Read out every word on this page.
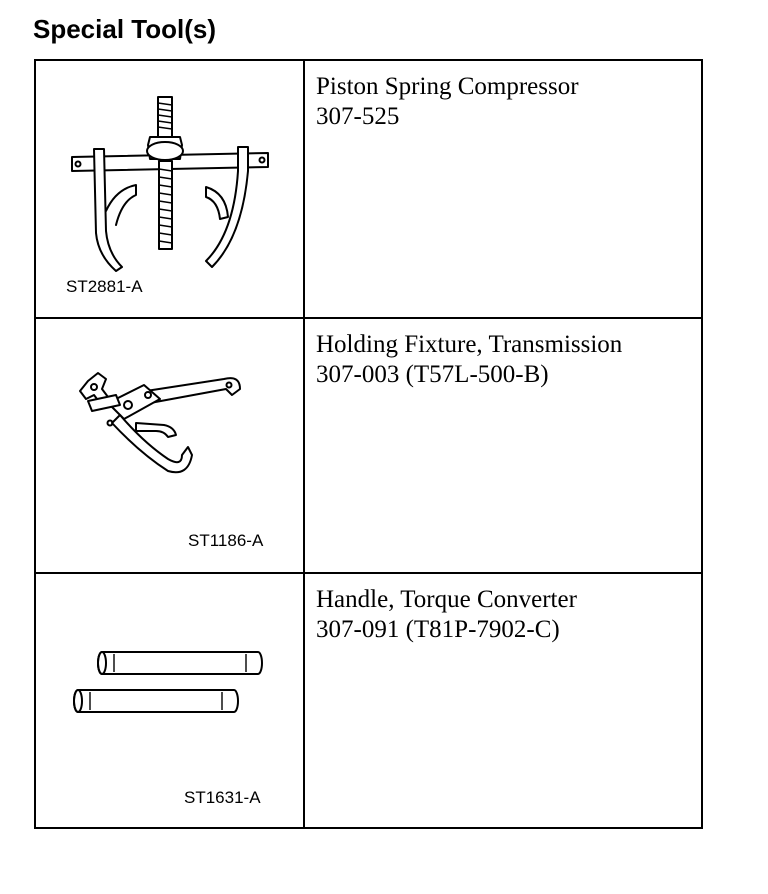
Special Tool(s)
ST2881-A	Piston Spring Compressor
307-525

ST1186-A	Holding Fixture, Transmission
307-003 (T57L-500-B)

ST1631-A	Handle, Torque Converter
307-091 (T81P-7902-C)
